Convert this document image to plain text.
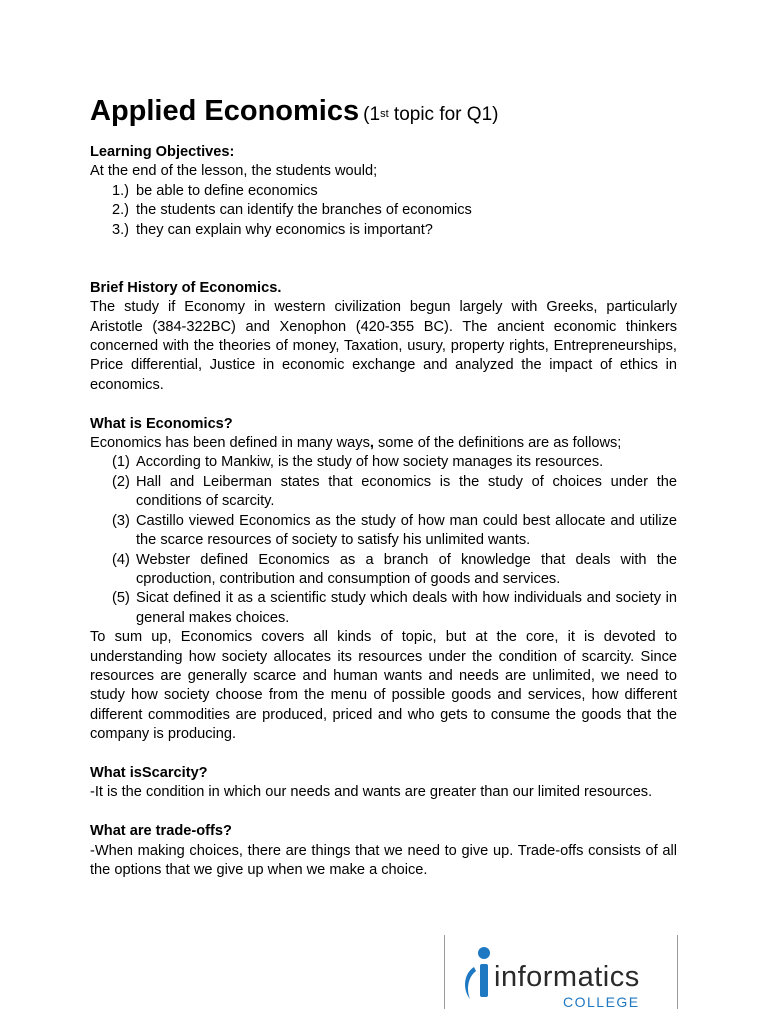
Applied Economics (1st topic for Q1)
Learning Objectives:
At the end of the lesson, the students would;
1.) be able to define economics
2.) the students can identify the branches of economics
3.) they can explain why economics is important?
Brief History of Economics.
The study if Economy in western civilization begun largely with Greeks, particularly Aristotle (384-322BC) and Xenophon (420-355 BC). The ancient economic thinkers concerned with the theories of money, Taxation, usury, property rights, Entrepreneurships, Price differential, Justice in economic exchange and analyzed the impact of ethics in economics.
What is Economics?
Economics has been defined in many ways, some of the definitions are as follows;
(1) According to Mankiw, is the study of how society manages its resources.
(2) Hall and Leiberman states that economics is the study of choices under the conditions of scarcity.
(3) Castillo viewed Economics as the study of how man could best allocate and utilize the scarce resources of society to satisfy his unlimited wants.
(4) Webster defined Economics as a branch of knowledge that deals with the cproduction, contribution and consumption of goods and services.
(5) Sicat defined it as a scientific study which deals with how individuals and society in general makes choices.
To sum up, Economics covers all kinds of topic, but at the core, it is devoted to understanding how society allocates its resources under the condition of scarcity. Since resources are generally scarce and human wants and needs are unlimited, we need to study how society choose from the menu of possible goods and services, how different different commodities are produced, priced and who gets to consume the goods that the company is producing.
What isScarcity?
-It is the condition in which our needs and wants are greater than our limited resources.
What are trade-offs?
-When making choices, there are things that we need to give up. Trade-offs consists of all the options that we give up when we make a choice.
informatics
COLLEGE
